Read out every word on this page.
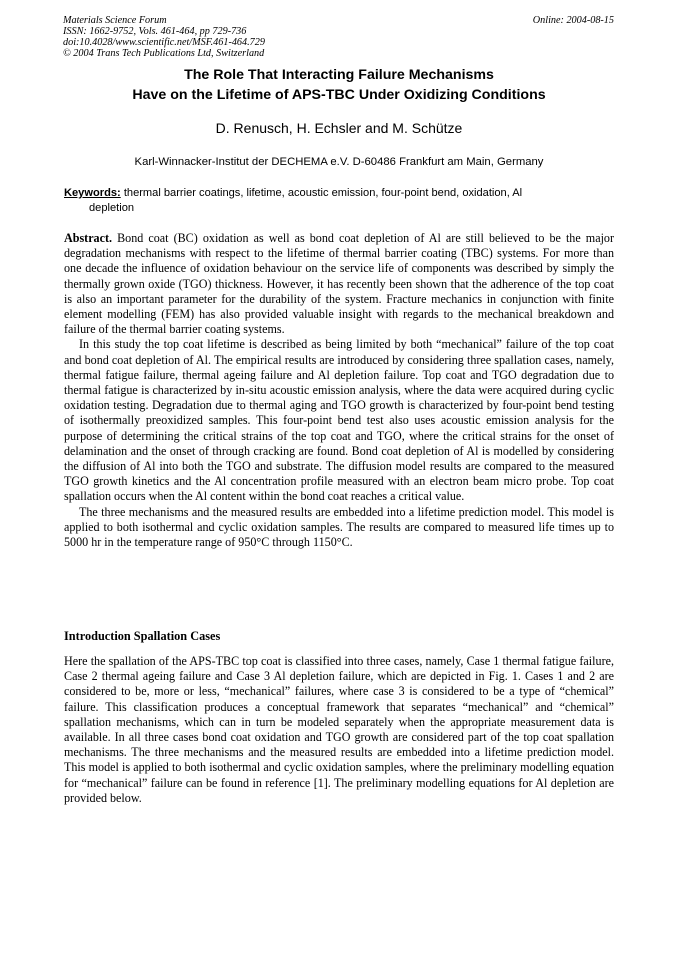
Materials Science Forum
ISSN: 1662-9752, Vols. 461-464, pp 729-736
doi:10.4028/www.scientific.net/MSF.461-464.729
© 2004 Trans Tech Publications Ltd, Switzerland
Online: 2004-08-15
The Role That Interacting Failure Mechanisms
Have on the Lifetime of APS-TBC Under Oxidizing Conditions
D. Renusch, H. Echsler and M. Schütze
Karl-Winnacker-Institut der DECHEMA e.V. D-60486 Frankfurt am Main, Germany
Keywords: thermal barrier coatings, lifetime, acoustic emission, four-point bend, oxidation, Al
depletion

Abstract. Bond coat (BC) oxidation as well as bond coat depletion of Al are still believed to be the major degradation mechanisms with respect to the lifetime of thermal barrier coating (TBC) systems. For more than one decade the influence of oxidation behaviour on the service life of components was described by simply the thermally grown oxide (TGO) thickness. However, it has recently been shown that the adherence of the top coat is also an important parameter for the durability of the system. Fracture mechanics in conjunction with finite element modelling (FEM) has also provided valuable insight with regards to the mechanical breakdown and failure of the thermal barrier coating systems.

In this study the top coat lifetime is described as being limited by both “mechanical” failure of the top coat and bond coat depletion of Al. The empirical results are introduced by considering three spallation cases, namely, thermal fatigue failure, thermal ageing failure and Al depletion failure. Top coat and TGO degradation due to thermal fatigue is characterized by in-situ acoustic emission analysis, where the data were acquired during cyclic oxidation testing. Degradation due to thermal aging and TGO growth is characterized by four-point bend testing of isothermally preoxidized samples. This four-point bend test also uses acoustic emission analysis for the purpose of determining the critical strains of the top coat and TGO, where the critical strains for the onset of delamination and the onset of through cracking are found. Bond coat depletion of Al is modelled by considering the diffusion of Al into both the TGO and substrate. The diffusion model results are compared to the measured TGO growth kinetics and the Al concentration profile measured with an electron beam micro probe. Top coat spallation occurs when the Al content within the bond coat reaches a critical value.

The three mechanisms and the measured results are embedded into a lifetime prediction model. This model is applied to both isothermal and cyclic oxidation samples. The results are compared to measured life times up to 5000 hr in the temperature range of 950°C through 1150°C.

Introduction Spallation Cases

Here the spallation of the APS-TBC top coat is classified into three cases, namely, Case 1 thermal fatigue failure, Case 2 thermal ageing failure and Case 3 Al depletion failure, which are depicted in Fig. 1. Cases 1 and 2 are considered to be, more or less, “mechanical” failures, where case 3 is considered to be a type of “chemical” failure. This classification produces a conceptual framework that separates “mechanical” and “chemical” spallation mechanisms, which can in turn be modeled separately when the appropriate measurement data is available. In all three cases bond coat oxidation and TGO growth are considered part of the top coat spallation mechanisms. The three mechanisms and the measured results are embedded into a lifetime prediction model. This model is applied to both isothermal and cyclic oxidation samples, where the preliminary modelling equation for “mechanical” failure can be found in reference [1]. The preliminary modelling equations for Al depletion are provided below.
